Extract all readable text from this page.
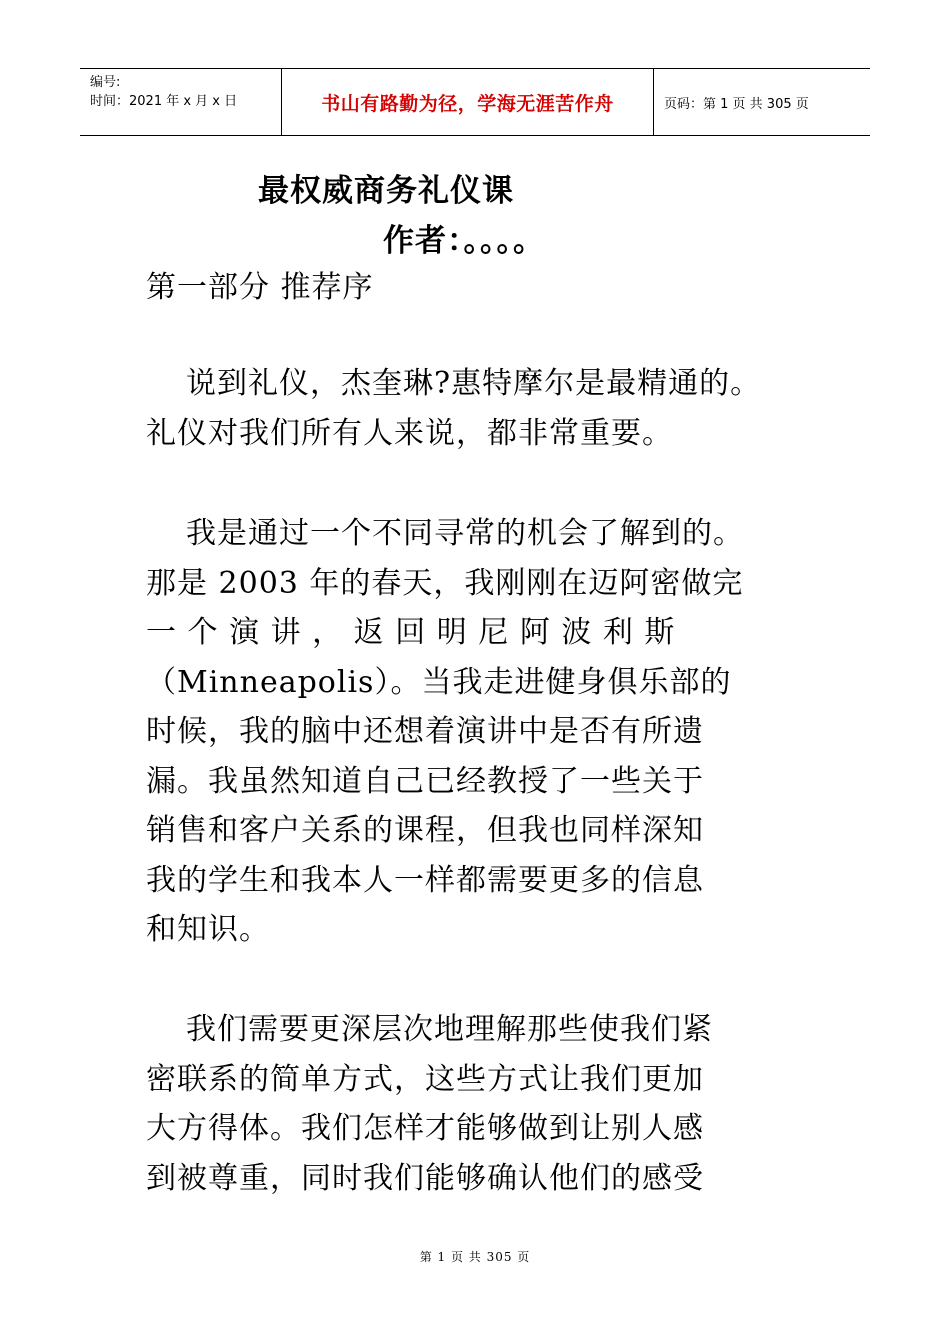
编号:
时间：2021 年 x 月 x 日	书山有路勤为径，学海无涯苦作舟	页码：第 1 页 共 305 页
最权威商务礼仪课
作者：。。。。
第一部分 推荐序
说到礼仪，杰奎琳?惠特摩尔是最精通的。
礼仪对我们所有人来说，都非常重要。
我是通过一个不同寻常的机会了解到的。
那是 2003 年的春天，我刚刚在迈阿密做完
一 个 演 讲 ， 返 回 明 尼 阿 波 利 斯
（Minneapolis）。当我走进健身俱乐部的
时候，我的脑中还想着演讲中是否有所遗
漏。我虽然知道自己已经教授了一些关于
销售和客户关系的课程，但我也同样深知
我的学生和我本人一样都需要更多的信息
和知识。
我们需要更深层次地理解那些使我们紧
密联系的简单方式，这些方式让我们更加
大方得体。我们怎样才能够做到让别人感
到被尊重，同时我们能够确认他们的感受
第 1 页 共 305 页
